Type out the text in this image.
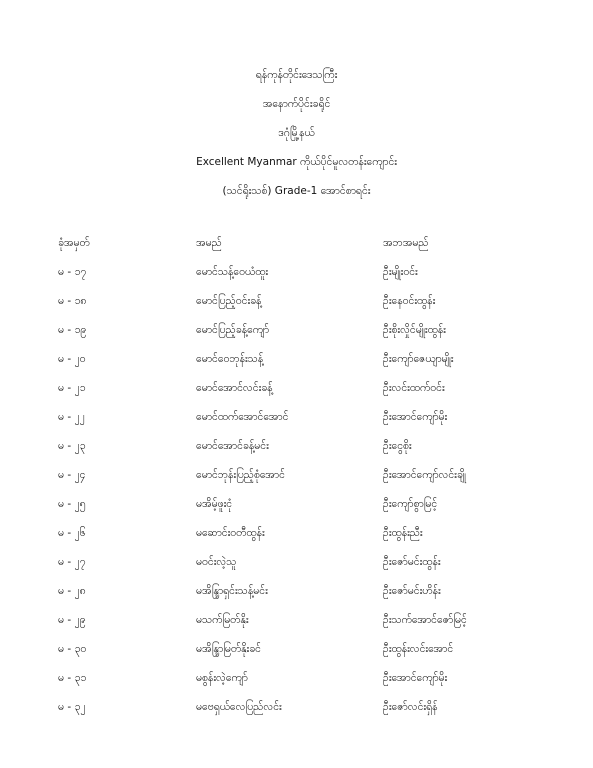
ရန်ကုန်တိုင်းဒေသကြီး
အနောက်ပိုင်းခရိုင်
ဒဂုံမြို့နယ်
Excellent Myanmar ကိုယ်ပိုင်မူလတန်းကျောင်း
(သင်ရိုးသစ်) Grade-1 အောင်စာရင်း
ခုံအမှတ်	အမည်	အဘအမည်
မ - ၁၇	မောင်သန့်ဝေယံထူး	ဦးမျိုးဝင်း
မ - ၁၈	မောင်ပြည့်ဝင်းခန့်	ဦးနေဝင်းထွန်း
မ - ၁၉	မောင်ပြည့်ခန့်ကျော်	ဦးစိုးလှိုင်မျိုးထွန်း
မ - ၂၀	မောင်ဝေဘုန်းသန့်	ဦးကျော်ဇေယျာမျိုး
မ - ၂၁	မောင်အောင်လင်းခန့်	ဦးလင်းထက်ဝင်း
မ - ၂၂	မောင်ထက်အောင်အောင်	ဦးအောင်ကျော်မိုး
မ - ၂၃	မောင်အောင်ခန့်မင်း	ဦးငွေစိုး
မ - ၂၄	မောင်ဘုန်းပြည့်စုံအောင်	ဦးအောင်ကျော်လင်းချို
မ - ၂၅	မအိမ့်ဖူးငုံ	ဦးကျော်စွာမြင့်
မ - ၂၆	မဆောင်းဝတီထွန်း	ဦးထွန်းညီး
မ - ၂၇	မဝင်းလဲ့သူ	ဦးဇော်မင်းထွန်း
မ - ၂၈	မအိန္ဒြာရှင်းသန့်မင်း	ဦးဇော်မင်းဟိန်း
မ - ၂၉	မသက်မြတ်နိုး	ဦးသက်အောင်ဇော်မြင့်
မ - ၃၀	မအိန္ဒြာမြတ်နိုးခင်	ဦးထွန်းလင်းအောင်
မ - ၃၁	မစွန်းလဲ့ကျော်	ဦးအောင်ကျော်မိုး
မ - ၃၂	မဗေရှယ်လေပြည်လင်း	ဦးဇော်လင်းရှိန်
